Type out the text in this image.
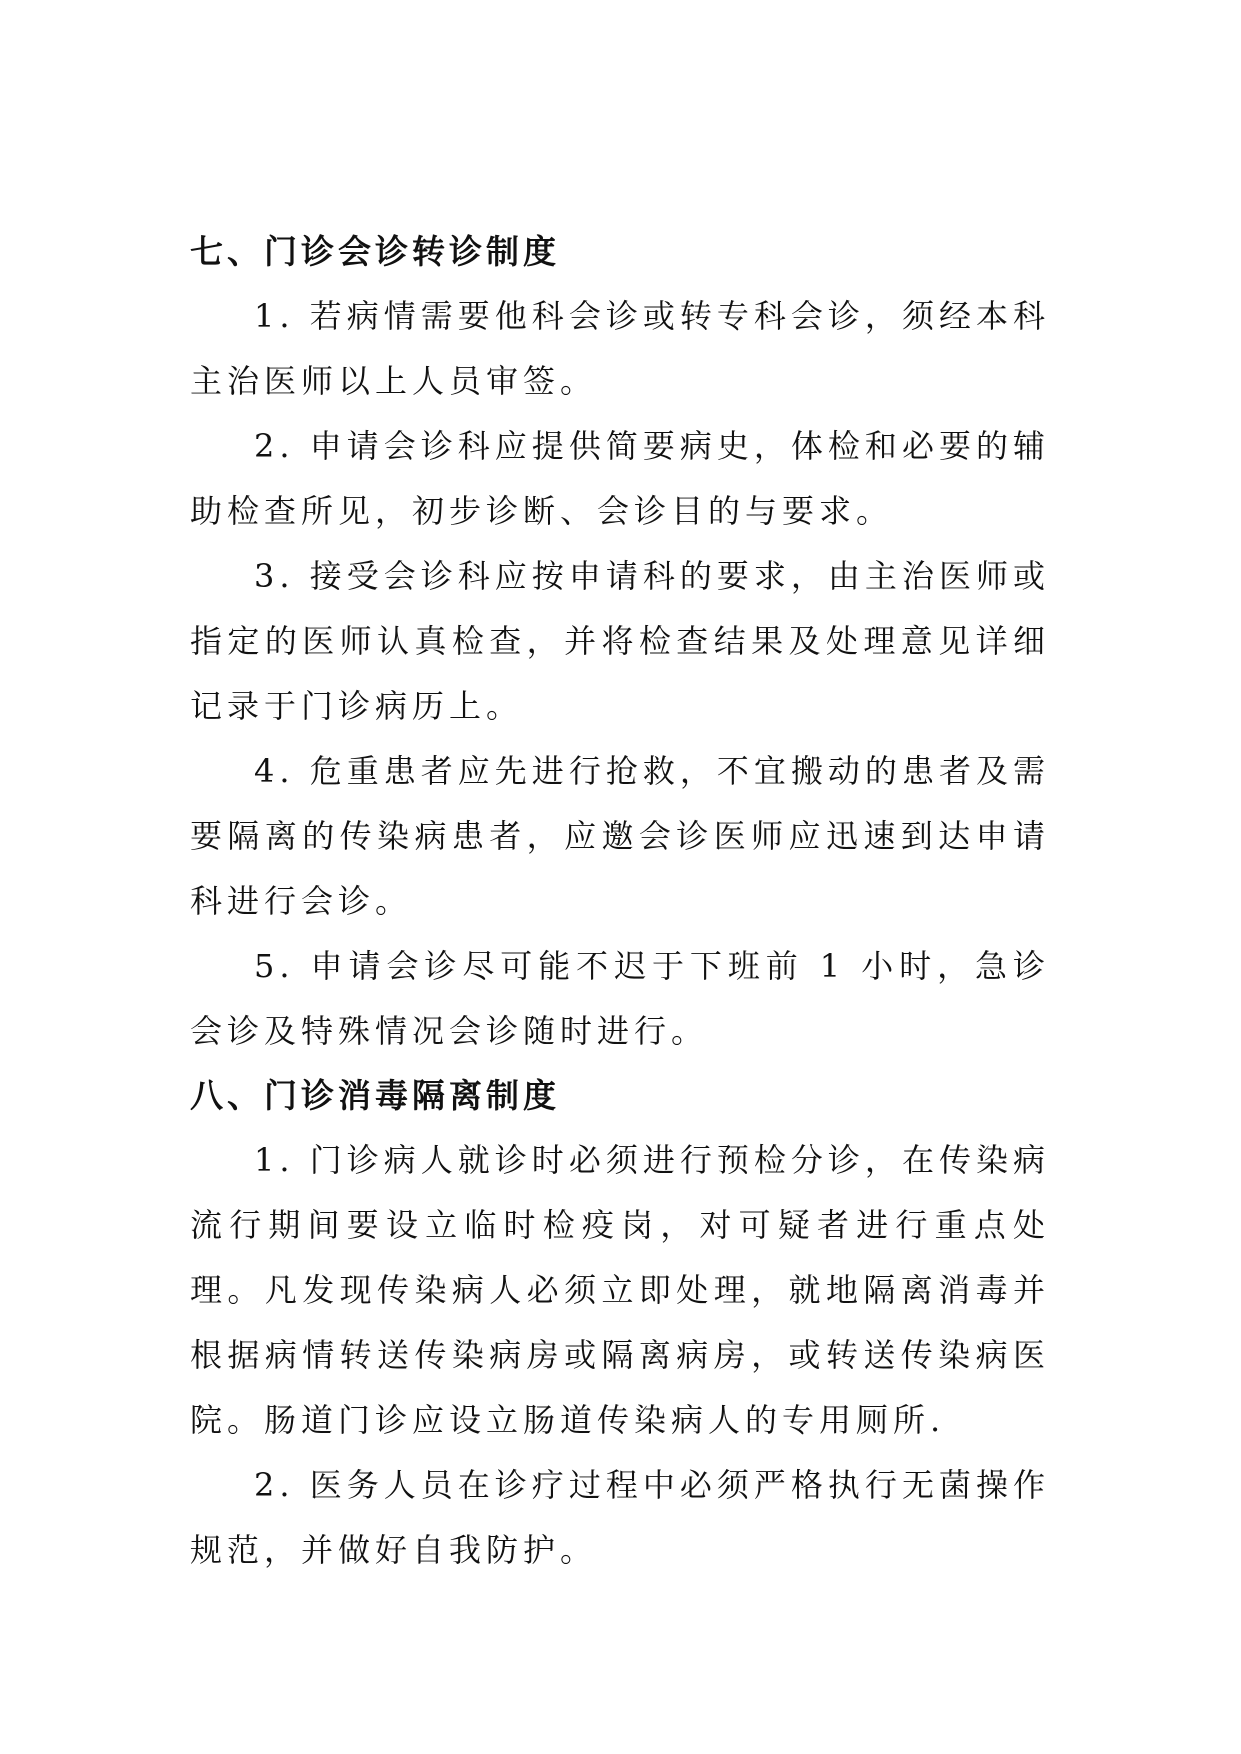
七、门诊会诊转诊制度

1. 若病情需要他科会诊或转专科会诊，须经本科主治医师以上人员审签。

2. 申请会诊科应提供简要病史，体检和必要的辅助检查所见，初步诊断、会诊目的与要求。

3. 接受会诊科应按申请科的要求，由主治医师或指定的医师认真检查，并将检查结果及处理意见详细记录于门诊病历上。

4. 危重患者应先进行抢救，不宜搬动的患者及需要隔离的传染病患者，应邀会诊医师应迅速到达申请科进行会诊。

5. 申请会诊尽可能不迟于下班前 1 小时，急诊会诊及特殊情况会诊随时进行。

八、门诊消毒隔离制度

1. 门诊病人就诊时必须进行预检分诊，在传染病流行期间要设立临时检疫岗，对可疑者进行重点处理。凡发现传染病人必须立即处理，就地隔离消毒并根据病情转送传染病房或隔离病房，或转送传染病医院。肠道门诊应设立肠道传染病人的专用厕所.

2. 医务人员在诊疗过程中必须严格执行无菌操作规范，并做好自我防护。
